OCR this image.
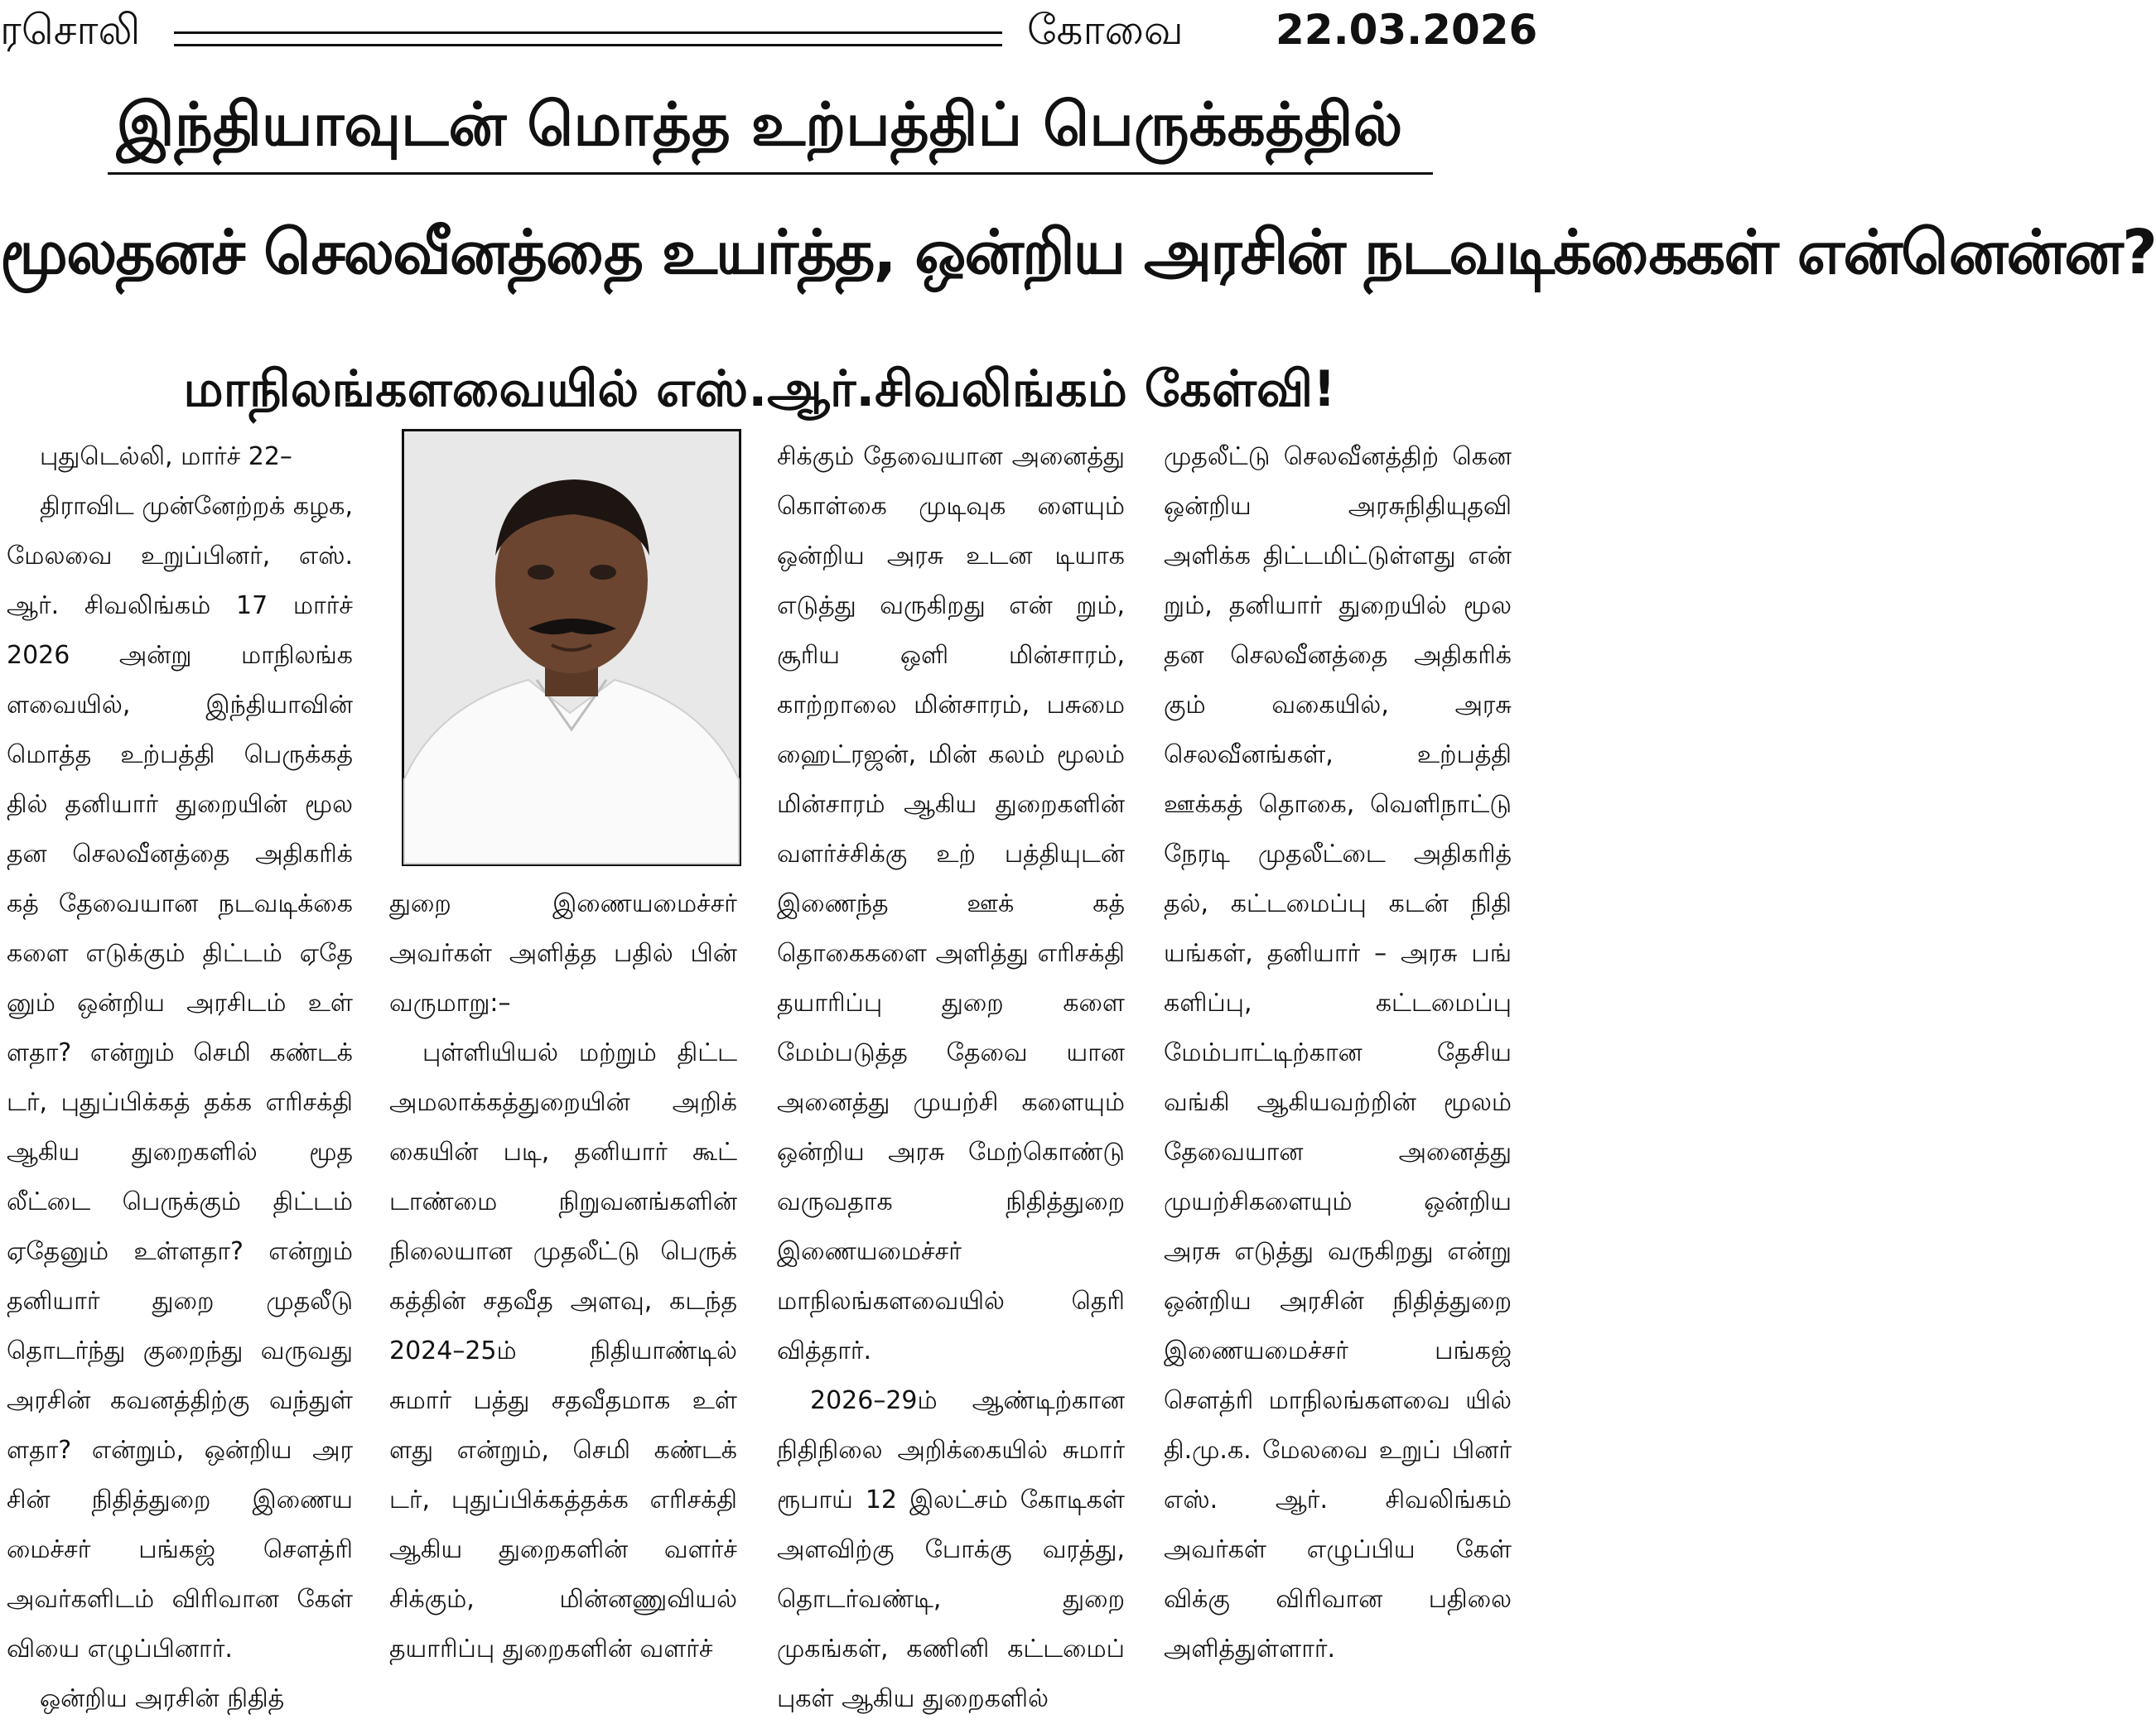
ரசொலி	கோவை 22.03.2026
இந்தியாவுடன் மொத்த உற்பத்திப் பெருக்கத்தில்
மூலதனச் செலவீனத்தை உயர்த்த, ஒன்றிய அரசின் நடவடிக்கைகள் என்னென்ன?
மாநிலங்களவையில் எஸ்.ஆர்.சிவலிங்கம் கேள்வி!

புதுடெல்லி, மார்ச் 22–

திராவிட முன்னேற்றக் கழக, மேலவை உறுப்பினர், எஸ். ஆர். சிவலிங்கம் 17 மார்ச் 2026 அன்று மாநிலங்க ளவையில், இந்தியாவின் மொத்த உற்பத்தி பெருக்கத் தில் தனியார் துறையின் மூல தன செலவீனத்தை அதிகரிக் கத் தேவையான நடவடிக்கை களை எடுக்கும் திட்டம் ஏதே னும் ஒன்றிய அரசிடம் உள் ளதா? என்றும் செமி கண்டக் டர், புதுப்பிக்கத் தக்க எரிசக்தி ஆகிய துறைகளில் மூத லீட்டை பெருக்கும் திட்டம் ஏதேனும் உள்ளதா? என்றும் தனியார் துறை முதலீடு தொடர்ந்து குறைந்து வருவது அரசின் கவனத்திற்கு வந்துள் ளதா? என்றும், ஒன்றிய அர சின் நிதித்துறை இணைய மைச்சர் பங்கஜ் சௌத்ரி அவர்களிடம் விரிவான கேள் வியை எழுப்பினார்.

ஒன்றிய அரசின் நிதித்

துறை இணையமைச்சர் அவர்கள் அளித்த பதில் பின் வருமாறு:–

புள்ளியியல் மற்றும் திட்ட அமலாக்கத்துறையின் அறிக் கையின் படி, தனியார் கூட் டாண்மை நிறுவனங்களின் நிலையான முதலீட்டு பெருக் கத்தின் சதவீத அளவு, கடந்த 2024–25ம் நிதியாண்டில் சுமார் பத்து சதவீதமாக உள் ளது என்றும், செமி கண்டக் டர், புதுப்பிக்கத்தக்க எரிசக்தி ஆகிய துறைகளின் வளர்ச் சிக்கும், மின்னணுவியல் தயாரிப்பு துறைகளின் வளர்ச்

சிக்கும் தேவையான அனைத்து கொள்கை முடிவுக ளையும் ஒன்றிய அரசு உடன டியாக எடுத்து வருகிறது என் றும், சூரிய ஒளி மின்சாரம், காற்றாலை மின்சாரம், பசுமை ஹைட்ரஜன், மின் கலம் மூலம் மின்சாரம் ஆகிய துறைகளின் வளர்ச்சிக்கு உற் பத்தியுடன் இணைந்த ஊக் கத் தொகைகளை அளித்து எரிசக்தி தயாரிப்பு துறை களை மேம்படுத்த தேவை யான அனைத்து முயற்சி களையும் ஒன்றிய அரசு மேற்கொண்டு வருவதாக நிதித்துறை இணையமைச்சர் மாநிலங்களவையில் தெரி வித்தார்.

2026–29ம் ஆண்டிற்கான நிதிநிலை அறிக்கையில் சுமார் ரூபாய் 12 இலட்சம் கோடிகள் அளவிற்கு போக்கு வரத்து, தொடர்வண்டி, துறை முகங்கள், கணினி கட்டமைப் புகள் ஆகிய துறைகளில்

முதலீட்டு செலவீனத்திற் கென ஒன்றிய அரசுநிதியுதவி அளிக்க திட்டமிட்டுள்ளது என் றும், தனியார் துறையில் மூல தன செலவீனத்தை அதிகரிக் கும் வகையில், அரசு செலவீனங்கள், உற்பத்தி ஊக்கத் தொகை, வெளிநாட்டு நேரடி முதலீட்டை அதிகரித் தல், கட்டமைப்பு கடன் நிதி யங்கள், தனியார் – அரசு பங் களிப்பு, கட்டமைப்பு மேம்பாட்டிற்கான தேசிய வங்கி ஆகியவற்றின் மூலம் தேவையான அனைத்து முயற்சிகளையும் ஒன்றிய அரசு எடுத்து வருகிறது என்று ஒன்றிய அரசின் நிதித்துறை இணையமைச்சர் பங்கஜ் சௌத்ரி மாநிலங்களவை யில் தி.மு.க. மேலவை உறுப் பினர் எஸ். ஆர். சிவலிங்கம் அவர்கள் எழுப்பிய கேள் விக்கு விரிவான பதிலை அளித்துள்ளார்.
